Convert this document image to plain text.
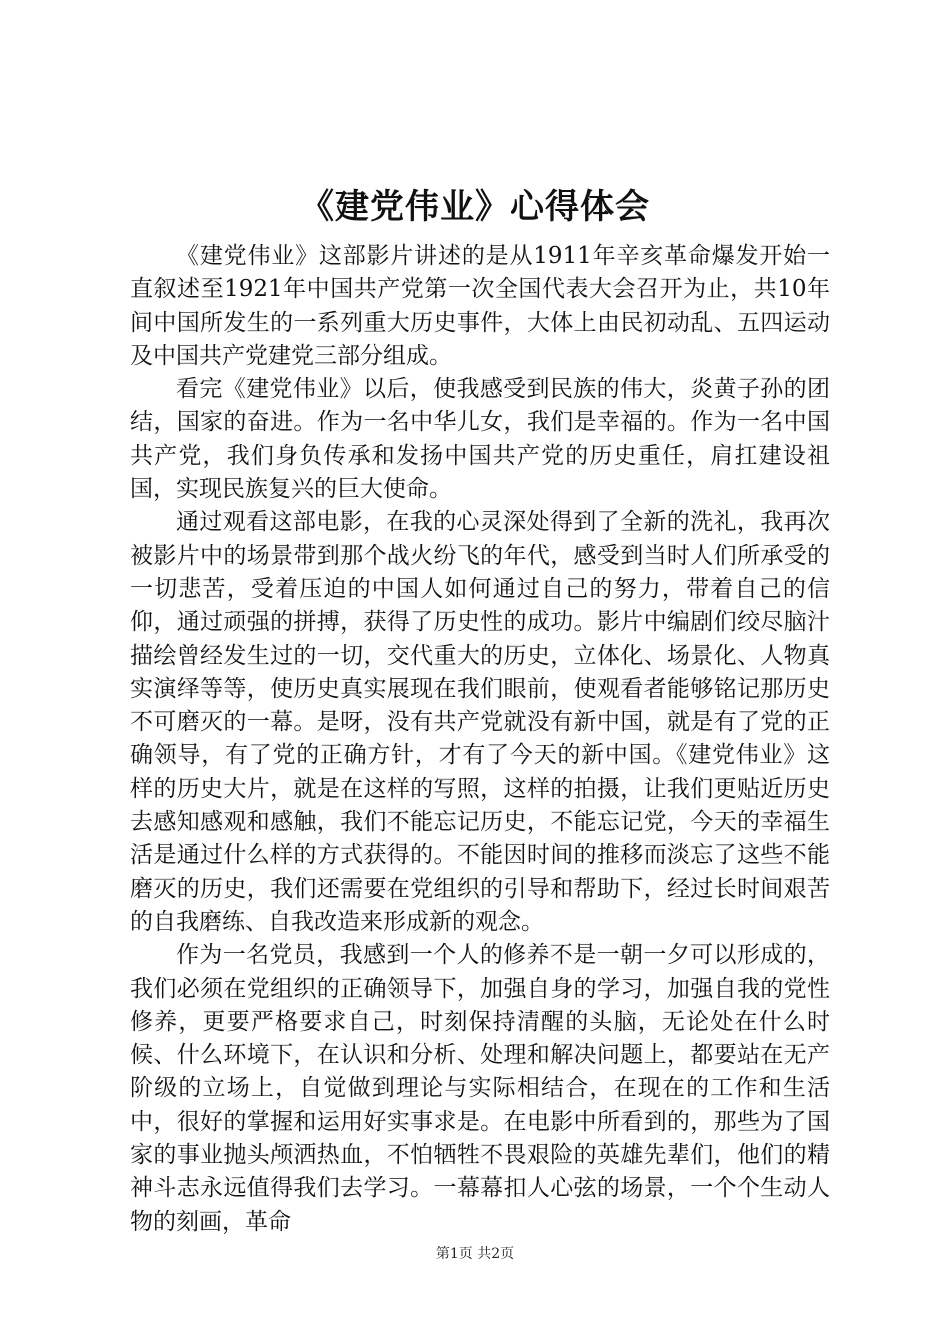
《建党伟业》心得体会

《建党伟业》这部影片讲述的是从1911年辛亥革命爆发开始一直叙述至1921年中国共产党第一次全国代表大会召开为止，共10年间中国所发生的一系列重大历史事件，大体上由民初动乱、五四运动及中国共产党建党三部分组成。

看完《建党伟业》以后，使我感受到民族的伟大，炎黄子孙的团结，国家的奋进。作为一名中华儿女，我们是幸福的。作为一名中国共产党，我们身负传承和发扬中国共产党的历史重任，肩扛建设祖国，实现民族复兴的巨大使命。

通过观看这部电影，在我的心灵深处得到了全新的洗礼，我再次被影片中的场景带到那个战火纷飞的年代，感受到当时人们所承受的一切悲苦，受着压迫的中国人如何通过自己的努力，带着自己的信仰，通过顽强的拼搏，获得了历史性的成功。影片中编剧们绞尽脑汁描绘曾经发生过的一切，交代重大的历史，立体化、场景化、人物真实演绎等等，使历史真实展现在我们眼前，使观看者能够铭记那历史不可磨灭的一幕。是呀，没有共产党就没有新中国，就是有了党的正确领导，有了党的正确方针，才有了今天的新中国。《建党伟业》这样的历史大片，就是在这样的写照，这样的拍摄，让我们更贴近历史去感知感观和感触，我们不能忘记历史，不能忘记党，今天的幸福生活是通过什么样的方式获得的。不能因时间的推移而淡忘了这些不能磨灭的历史，我们还需要在党组织的引导和帮助下，经过长时间艰苦的自我磨练、自我改造来形成新的观念。

作为一名党员，我感到一个人的修养不是一朝一夕可以形成的，我们必须在党组织的正确领导下，加强自身的学习，加强自我的党性修养，更要严格要求自己，时刻保持清醒的头脑，无论处在什么时候、什么环境下，在认识和分析、处理和解决问题上，都要站在无产阶级的立场上，自觉做到理论与实际相结合，在现在的工作和生活中，很好的掌握和运用好实事求是。在电影中所看到的，那些为了国家的事业抛头颅洒热血，不怕牺牲不畏艰险的英雄先辈们，他们的精神斗志永远值得我们去学习。一幕幕扣人心弦的场景，一个个生动人物的刻画，革命

第1页 共2页
